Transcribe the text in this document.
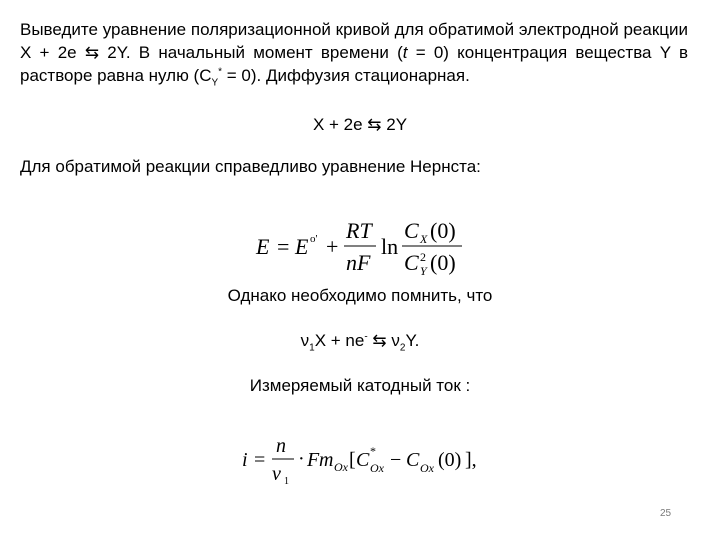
Выведите уравнение поляризационной кривой для обратимой электродной реакции X + 2e ⇆ 2Y. В начальный момент времени (t = 0) концентрация вещества Y в растворе равна нулю $(C_Y^* = 0)$. Диффузия стационарная.
X + 2e ⇆ 2Y
Для обратимой реакции справедливо уравнение Нернста:
E = E o' +
RT
nF
ln
C X (0)
C 2
Y (0)
Однако необходимо помнить, что
$\nu_1X + ne^-$ ⇆ $\nu_2Y$.
Измеряемый катодный ток :
i =
n
ν 1
· F m Ox [ C *
Ox − C Ox (0) ],
25
